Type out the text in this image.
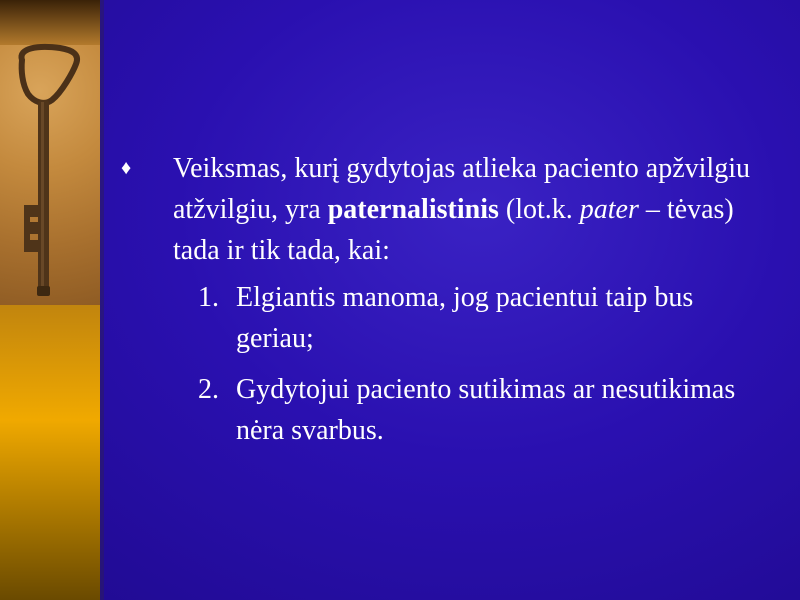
♦	Veiksmas, kurį gydytojas atlieka paciento apžvilgiu atžvilgiu, yra paternalistinis (lot.k. pater – tėvas) tada ir tik tada, kai:
1. Elgiantis manoma, jog pacientui taip bus geriau;
2. Gydytojui paciento sutikimas ar nesutikimas nėra svarbus.
